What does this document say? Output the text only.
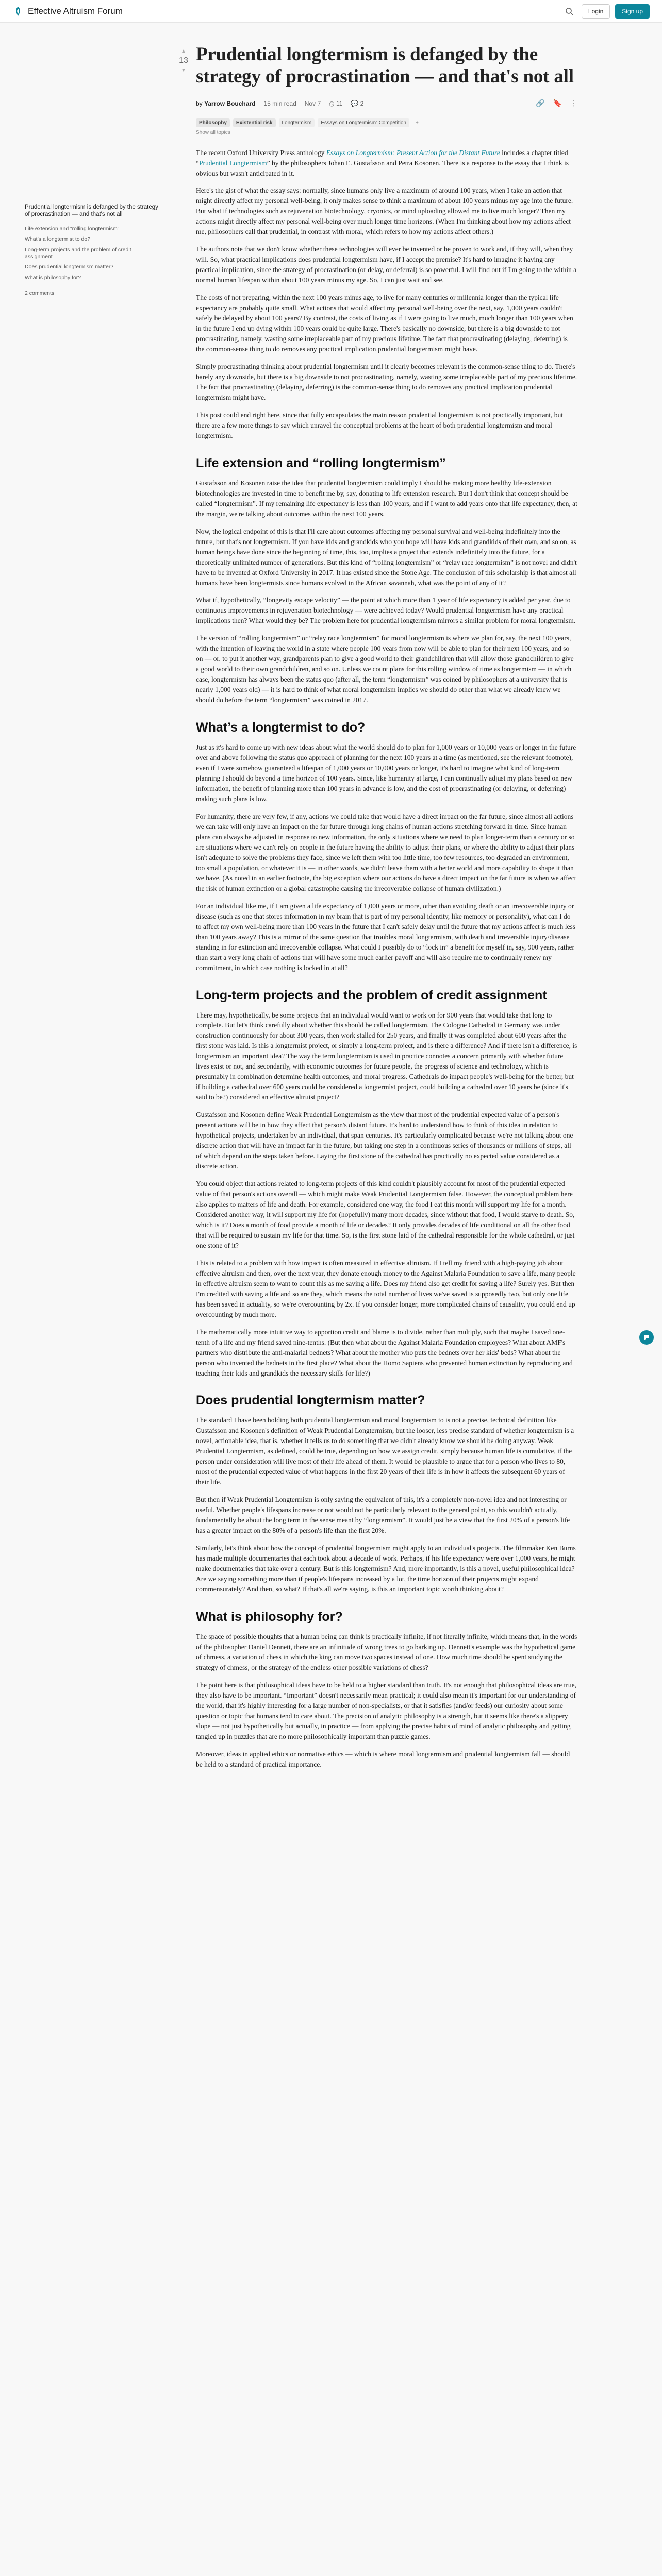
Effective Altruism Forum	Login	Sign up
Prudential longtermism is defanged by the strategy of procrastination — and that's not all
Life extension and “rolling longtermism”
What’s a longtermist to do?
Long-term projects and the problem of credit assignment
Does prudential longtermism matter?
What is philosophy for?
2 comments
▲
13
▼
Prudential longtermism is defanged by the strategy of procrastination — and that's not all
by Yarrow Bouchard 15 min read Nov 7 ◷ 11 💬 2	🔗 🔖 ⋮
Philosophy	Existential risk	Longtermism	Essays on Longtermism: Competition	+
Show all topics

The recent Oxford University Press anthology Essays on Longtermism: Present Action for the Distant Future includes a chapter titled “Prudential Longtermism” by the philosophers Johan E. Gustafsson and Petra Kosonen. There is a response to the essay that I think is obvious but wasn't anticipated in it.

Here's the gist of what the essay says: normally, since humans only live a maximum of around 100 years, when I take an action that might directly affect my personal well-being, it only makes sense to think a maximum of about 100 years minus my age into the future. But what if technologies such as rejuvenation biotechnology, cryonics, or mind uploading allowed me to live much longer? Then my actions might directly affect my personal well-being over much longer time horizons. (When I'm thinking about how my actions affect me, philosophers call that prudential, in contrast with moral, which refers to how my actions affect others.)

The authors note that we don't know whether these technologies will ever be invented or be proven to work and, if they will, when they will. So, what practical implications does prudential longtermism have, if I accept the premise? It's hard to imagine it having any practical implication, since the strategy of procrastination (or delay, or deferral) is so powerful. I will find out if I'm going to the within a normal human lifespan within about 100 years minus my age. So, I can just wait and see.

The costs of not preparing, within the next 100 years minus age, to live for many centuries or millennia longer than the typical life expectancy are probably quite small. What actions that would affect my personal well-being over the next, say, 1,000 years couldn't safely be delayed by about 100 years? By contrast, the costs of living as if I were going to live much, much longer than 100 years when in the future I end up dying within 100 years could be quite large. There's basically no downside, but there is a big downside to not procrastinating, namely, wasting some irreplaceable part of my precious lifetime. The fact that procrastinating (delaying, deferring) is the common-sense thing to do removes any practical implication prudential longtermism might have.

Simply procrastinating thinking about prudential longtermism until it clearly becomes relevant is the common-sense thing to do. There's barely any downside, but there is a big downside to not procrastinating, namely, wasting some irreplaceable part of my precious lifetime. The fact that procrastinating (delaying, deferring) is the common-sense thing to do removes any practical implication prudential longtermism might have.

This post could end right here, since that fully encapsulates the main reason prudential longtermism is not practically important, but there are a few more things to say which unravel the conceptual problems at the heart of both prudential longtermism and moral longtermism.

Life extension and “rolling longtermism”

Gustafsson and Kosonen raise the idea that prudential longtermism could imply I should be making more healthy life-extension biotechnologies are invested in time to benefit me by, say, donating to life extension research. But I don't think that concept should be called “longtermism”. If my remaining life expectancy is less than 100 years, and if I want to add years onto that life expectancy, then, at the margin, we're talking about outcomes within the next 100 years.

Now, the logical endpoint of this is that I'll care about outcomes affecting my personal survival and well-being indefinitely into the future, but that's not longtermism. If you have kids and grandkids who you hope will have kids and grandkids of their own, and so on, as human beings have done since the beginning of time, this, too, implies a project that extends indefinitely into the future, for a theoretically unlimited number of generations. But this kind of “rolling longtermism” or “relay race longtermism” is not novel and didn't have to be invented at Oxford University in 2017. It has existed since the Stone Age. The conclusion of this scholarship is that almost all humans have been longtermists since humans evolved in the African savannah, what was the point of any of it?

What if, hypothetically, “longevity escape velocity” — the point at which more than 1 year of life expectancy is added per year, due to continuous improvements in rejuvenation biotechnology — were achieved today? Would prudential longtermism have any practical implications then? What would they be? The problem here for prudential longtermism mirrors a similar problem for moral longtermism.

The version of “rolling longtermism” or “relay race longtermism” for moral longtermism is where we plan for, say, the next 100 years, with the intention of leaving the world in a state where people 100 years from now will be able to plan for their next 100 years, and so on — or, to put it another way, grandparents plan to give a good world to their grandchildren that will allow those grandchildren to give a good world to their own grandchildren, and so on. Unless we count plans for this rolling window of time as longtermism — in which case, longtermism has always been the status quo (after all, the term “longtermism” was coined by philosophers at a university that is nearly 1,000 years old) — it is hard to think of what moral longtermism implies we should do other than what we already knew we should do before the term “longtermism” was coined in 2017.

What’s a longtermist to do?

Just as it's hard to come up with new ideas about what the world should do to plan for 1,000 years or 10,000 years or longer in the future over and above following the status quo approach of planning for the next 100 years at a time (as mentioned, see the relevant footnote), even if I were somehow guaranteed a lifespan of 1,000 years or 10,000 years or longer, it's hard to imagine what kind of long-term planning I should do beyond a time horizon of 100 years. Since, like humanity at large, I can continually adjust my plans based on new information, the benefit of planning more than 100 years in advance is low, and the cost of procrastinating (or delaying, or deferring) making such plans is low.

For humanity, there are very few, if any, actions we could take that would have a direct impact on the far future, since almost all actions we can take will only have an impact on the far future through long chains of human actions stretching forward in time. Since human plans can always be adjusted in response to new information, the only situations where we need to plan longer-term than a century or so are situations where we can't rely on people in the future having the ability to adjust their plans, or where the ability to adjust their plans isn't adequate to solve the problems they face, since we left them with too little time, too few resources, too degraded an environment, too small a population, or whatever it is — in other words, we didn't leave them with a better world and more capability to shape it than we have. (As noted in an earlier footnote, the big exception where our actions do have a direct impact on the far future is when we affect the risk of human extinction or a global catastrophe causing the irrecoverable collapse of human civilization.)

For an individual like me, if I am given a life expectancy of 1,000 years or more, other than avoiding death or an irrecoverable injury or disease (such as one that stores information in my brain that is part of my personal identity, like memory or personality), what can I do to affect my own well-being more than 100 years in the future that I can't safely delay until the future that my actions affect is much less than 100 years away? This is a mirror of the same question that troubles moral longtermism, with death and irreversible injury/disease standing in for extinction and irrecoverable collapse. What could I possibly do to “lock in” a benefit for myself in, say, 900 years, rather than start a very long chain of actions that will have some much earlier payoff and will also require me to continually renew my commitment, in which case nothing is locked in at all?

Long-term projects and the problem of credit assignment

There may, hypothetically, be some projects that an individual would want to work on for 900 years that would take that long to complete. But let's think carefully about whether this should be called longtermism. The Cologne Cathedral in Germany was under construction continuously for about 300 years, then work stalled for 250 years, and finally it was completed about 600 years after the first stone was laid. Is this a longtermist project, or simply a long-term project, and is there a difference? And if there isn't a difference, is longtermism an important idea? The way the term longtermism is used in practice connotes a concern primarily with whether future lives exist or not, and secondarily, with economic outcomes for future people, the progress of science and technology, which is presumably in combination determine health outcomes, and moral progress. Cathedrals do impact people's well-being for the better, but if building a cathedral over 600 years could be considered a longtermist project, could building a cathedral over 10 years be (since it's said to be?) considered an effective altruist project?

Gustafsson and Kosonen define Weak Prudential Longtermism as the view that most of the prudential expected value of a person's present actions will be in how they affect that person's distant future. It's hard to understand how to think of this idea in relation to hypothetical projects, undertaken by an individual, that span centuries. It's particularly complicated because we're not talking about one discrete action that will have an impact far in the future, but taking one step in a continuous series of thousands or millions of steps, all of which depend on the steps taken before. Laying the first stone of the cathedral has practically no expected value considered as a discrete action.

You could object that actions related to long-term projects of this kind couldn't plausibly account for most of the prudential expected value of that person's actions overall — which might make Weak Prudential Longtermism false. However, the conceptual problem here also applies to matters of life and death. For example, considered one way, the food I eat this month will support my life for a month. Considered another way, it will support my life for (hopefully) many more decades, since without that food, I would starve to death. So, which is it? Does a month of food provide a month of life or decades? It only provides decades of life conditional on all the other food that will be required to sustain my life for that time. So, is the first stone laid of the cathedral responsible for the whole cathedral, or just one stone of it?

This is related to a problem with how impact is often measured in effective altruism. If I tell my friend with a high-paying job about effective altruism and then, over the next year, they donate enough money to the Against Malaria Foundation to save a life, many people in effective altruism seem to want to count this as me saving a life. Does my friend also get credit for saving a life? Surely yes. But then I'm credited with saving a life and so are they, which means the total number of lives we've saved is supposedly two, but only one life has been saved in actuality, so we're overcounting by 2x. If you consider longer, more complicated chains of causality, you could end up overcounting by much more.

The mathematically more intuitive way to apportion credit and blame is to divide, rather than multiply, such that maybe I saved one-tenth of a life and my friend saved nine-tenths. (But then what about the Against Malaria Foundation employees? What about AMF's partners who distribute the anti-malarial bednets? What about the mother who puts the bednets over her kids' beds? What about the person who invented the bednets in the first place? What about the Homo Sapiens who prevented human extinction by reproducing and teaching their kids and grandkids the necessary skills for life?)

Does prudential longtermism matter?

The standard I have been holding both prudential longtermism and moral longtermism to is not a precise, technical definition like Gustafsson and Kosonen's definition of Weak Prudential Longtermism, but the looser, less precise standard of whether longtermism is a novel, actionable idea, that is, whether it tells us to do something that we didn't already know we should be doing anyway. Weak Prudential Longtermism, as defined, could be true, depending on how we assign credit, simply because human life is cumulative, if the person under consideration will live most of their life ahead of them. It would be plausible to argue that for a person who lives to 80, most of the prudential expected value of what happens in the first 20 years of their life is in how it affects the subsequent 60 years of their life.

But then if Weak Prudential Longtermism is only saying the equivalent of this, it's a completely non-novel idea and not interesting or useful. Whether people's lifespans increase or not would not be particularly relevant to the general point, so this wouldn't actually, fundamentally be about the long term in the sense meant by “longtermism”. It would just be a view that the first 20% of a person's life has a greater impact on the 80% of a person's life than the first 20%.

Similarly, let's think about how the concept of prudential longtermism might apply to an individual's projects. The filmmaker Ken Burns has made multiple documentaries that each took about a decade of work. Perhaps, if his life expectancy were over 1,000 years, he might make documentaries that take over a century. But is this longtermism? And, more importantly, is this a novel, useful philosophical idea? Are we saying something more than if people's lifespans increased by a lot, the time horizon of their projects might expand commensurately? And then, so what? If that's all we're saying, is this an important topic worth thinking about?

What is philosophy for?

The space of possible thoughts that a human being can think is practically infinite, if not literally infinite, which means that, in the words of the philosopher Daniel Dennett, there are an infinitude of wrong trees to go barking up. Dennett's example was the hypothetical game of chmess, a variation of chess in which the king can move two spaces instead of one. How much time should be spent studying the strategy of chmess, or the strategy of the endless other possible variations of chess?

The point here is that philosophical ideas have to be held to a higher standard than truth. It's not enough that philosophical ideas are true, they also have to be important. “Important” doesn't necessarily mean practical; it could also mean it's important for our understanding of the world, that it's highly interesting for a large number of non-specialists, or that it satisfies (and/or feeds) our curiosity about some question or topic that humans tend to care about. The precision of analytic philosophy is a strength, but it seems like there's a slippery slope — not just hypothetically but actually, in practice — from applying the precise habits of mind of analytic philosophy and getting tangled up in puzzles that are no more philosophically important than puzzle games.

Moreover, ideas in applied ethics or normative ethics — which is where moral longtermism and prudential longtermism fall — should be held to a standard of practical importance.
